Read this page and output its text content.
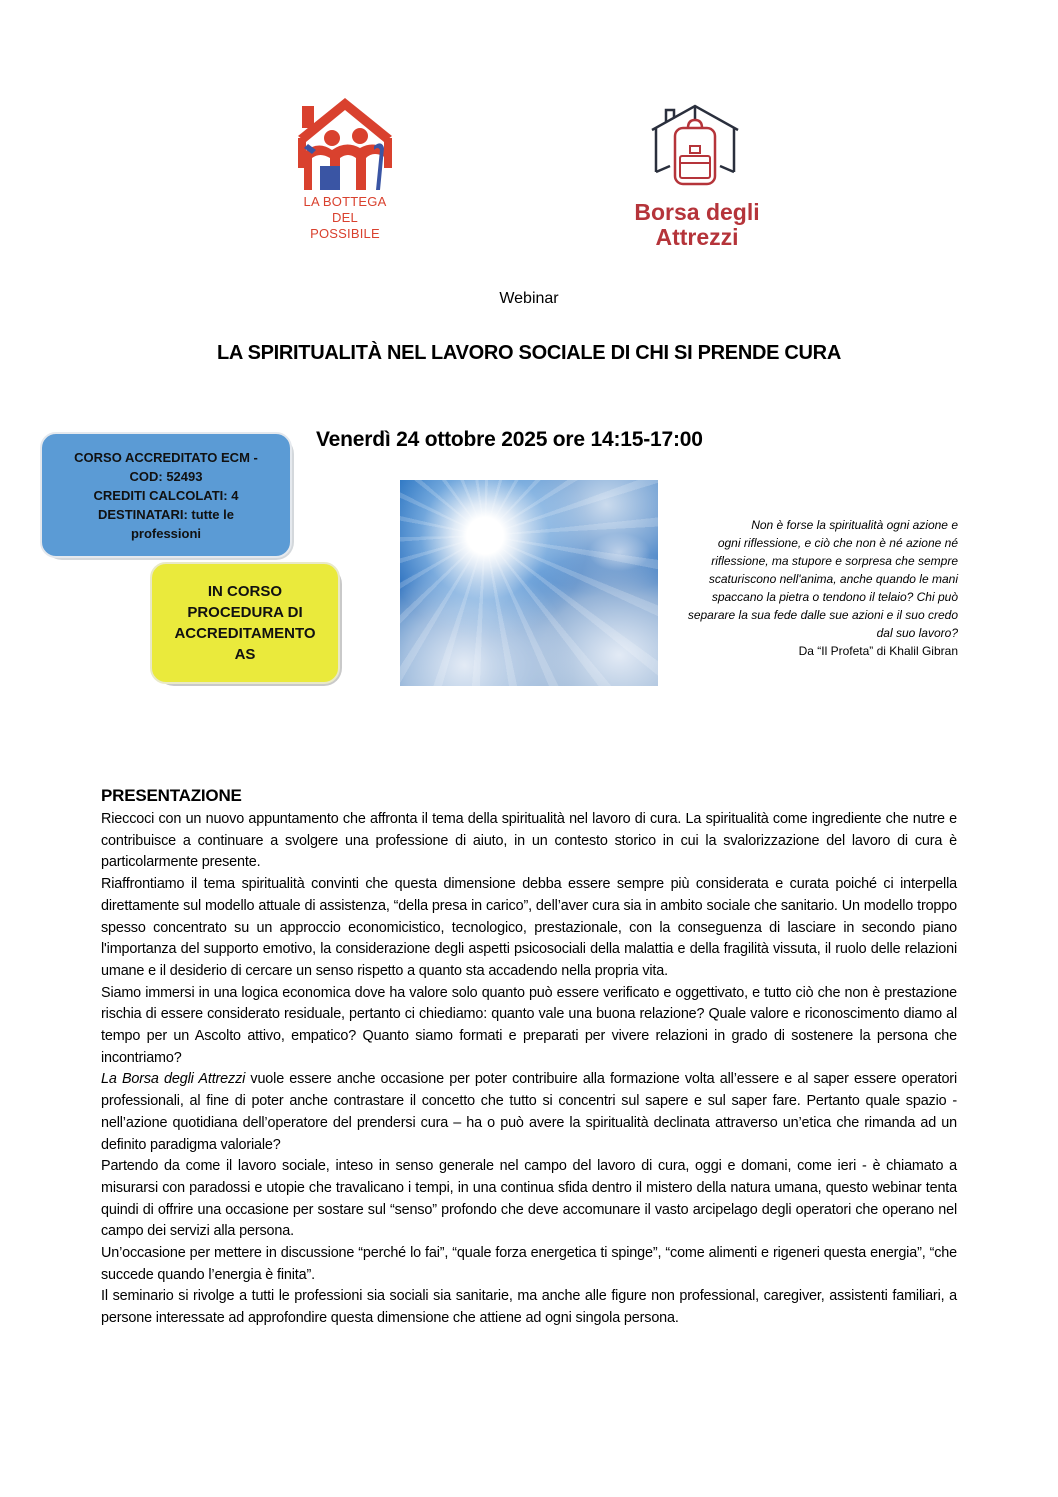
LA BOTTEGA
DEL
POSSIBILE
Borsa degli
Attrezzi
Webinar
LA SPIRITUALITÀ NEL LAVORO SOCIALE DI CHI SI PRENDE CURA
Venerdì 24 ottobre 2025 ore 14:15-17:00
CORSO ACCREDITATO ECM -
COD: 52493
CREDITI CALCOLATI: 4
DESTINATARI: tutte le
professioni
IN CORSO
PROCEDURA DI
ACCREDITAMENTO
AS
Non è forse la spiritualità ogni azione e
ogni riflessione, e ciò che non è né azione né
riflessione, ma stupore e sorpresa che sempre
scaturiscono nell'anima, anche quando le mani
spaccano la pietra o tendono il telaio? Chi può
separare la sua fede dalle sue azioni e il suo credo
dal suo lavoro?
Da “Il Profeta” di Khalil Gibran
PRESENTAZIONE

Rieccoci con un nuovo appuntamento che affronta il tema della spiritualità nel lavoro di cura. La spiritualità come ingrediente che nutre e contribuisce a continuare a svolgere una professione di aiuto, in un contesto storico in cui la svalorizzazione del lavoro di cura è particolarmente presente.

Riaffrontiamo il tema spiritualità convinti che questa dimensione debba essere sempre più considerata e curata poiché ci interpella direttamente sul modello attuale di assistenza, “della presa in carico”, dell’aver cura sia in ambito sociale che sanitario. Un modello troppo spesso concentrato su un approccio economicistico, tecnologico, prestazionale, con la conseguenza di lasciare in secondo piano l'importanza del supporto emotivo, la considerazione degli aspetti psicosociali della malattia e della fragilità vissuta, il ruolo delle relazioni umane e il desiderio di cercare un senso rispetto a quanto sta accadendo nella propria vita.

Siamo immersi in una logica economica dove ha valore solo quanto può essere verificato e oggettivato, e tutto ciò che non è prestazione rischia di essere considerato residuale, pertanto ci chiediamo: quanto vale una buona relazione? Quale valore e riconoscimento diamo al tempo per un Ascolto attivo, empatico? Quanto siamo formati e preparati per vivere relazioni in grado di sostenere la persona che incontriamo?

La Borsa degli Attrezzi vuole essere anche occasione per poter contribuire alla formazione volta all’essere e al saper essere operatori professionali, al fine di poter anche contrastare il concetto che tutto si concentri sul sapere e sul saper fare. Pertanto quale spazio - nell’azione quotidiana dell’operatore del prendersi cura – ha o può avere la spiritualità declinata attraverso un’etica che rimanda ad un definito paradigma valoriale?

Partendo da come il lavoro sociale, inteso in senso generale nel campo del lavoro di cura, oggi e domani, come ieri - è chiamato a misurarsi con paradossi e utopie che travalicano i tempi, in una continua sfida dentro il mistero della natura umana, questo webinar tenta quindi di offrire una occasione per sostare sul “senso” profondo che deve accomunare il vasto arcipelago degli operatori che operano nel campo dei servizi alla persona.

Un’occasione per mettere in discussione “perché lo fai”, “quale forza energetica ti spinge”, “come alimenti e rigeneri questa energia”, “che succede quando l’energia è finita”.

Il seminario si rivolge a tutti le professioni sia sociali sia sanitarie, ma anche alle figure non professional, caregiver, assistenti familiari, a persone interessate ad approfondire questa dimensione che attiene ad ogni singola persona.
